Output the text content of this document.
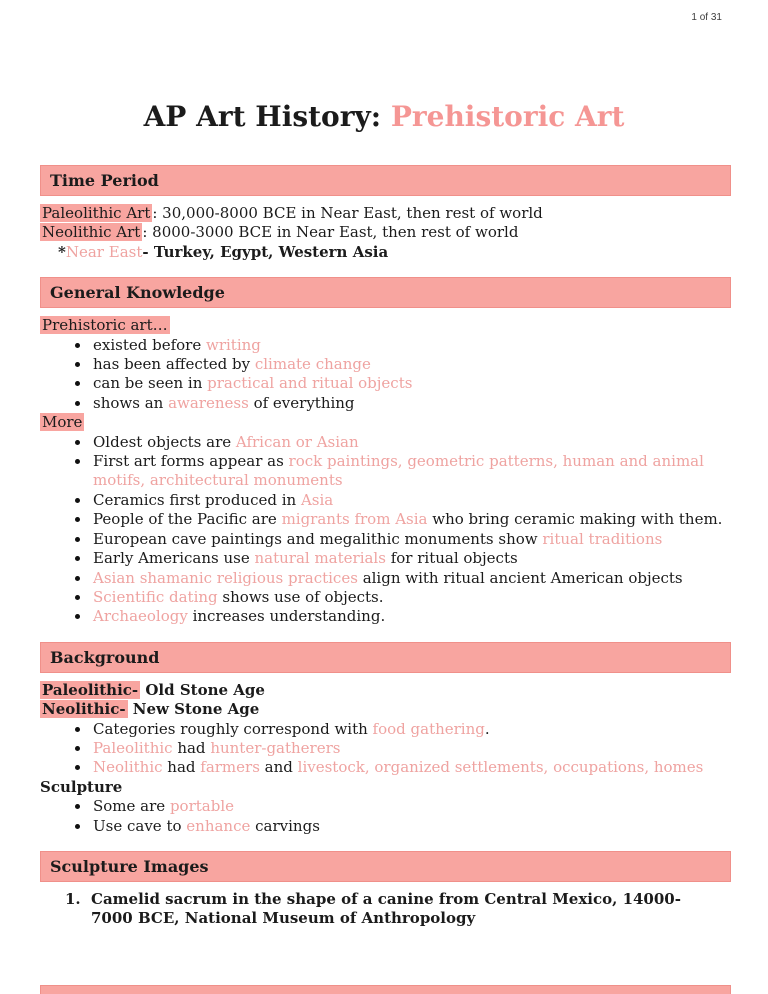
1 of 31
AP Art History: Prehistoric Art
Time Period
Paleolithic Art : 30,000-8000 BCE in Near East, then rest of world
Neolithic Art : 8000-3000 BCE in Near East, then rest of world
*Near East- Turkey, Egypt, Western Asia
General Knowledge
Prehistoric art…
existed before writing
has been affected by climate change
can be seen in practical and ritual objects
shows an awareness of everything
More
Oldest objects are African or Asian
First art forms appear as rock paintings, geometric patterns, human and animal motifs, architectural monuments
Ceramics first produced in Asia
People of the Pacific are migrants from Asia who bring ceramic making with them.
European cave paintings and megalithic monuments show ritual traditions
Early Americans use natural materials for ritual objects
Asian shamanic religious practices align with ritual ancient American objects
Scientific dating shows use of objects.
Archaeology increases understanding.
Background
Paleolithic- Old Stone Age
Neolithic- New Stone Age
Categories roughly correspond with food gathering.
Paleolithic had hunter-gatherers
Neolithic had farmers and livestock, organized settlements, occupations, homes
Sculpture
Some are portable
Use cave to enhance carvings
Sculpture Images
1. Camelid sacrum in the shape of a canine from Central Mexico, 14000-7000 BCE, National Museum of Anthropology
